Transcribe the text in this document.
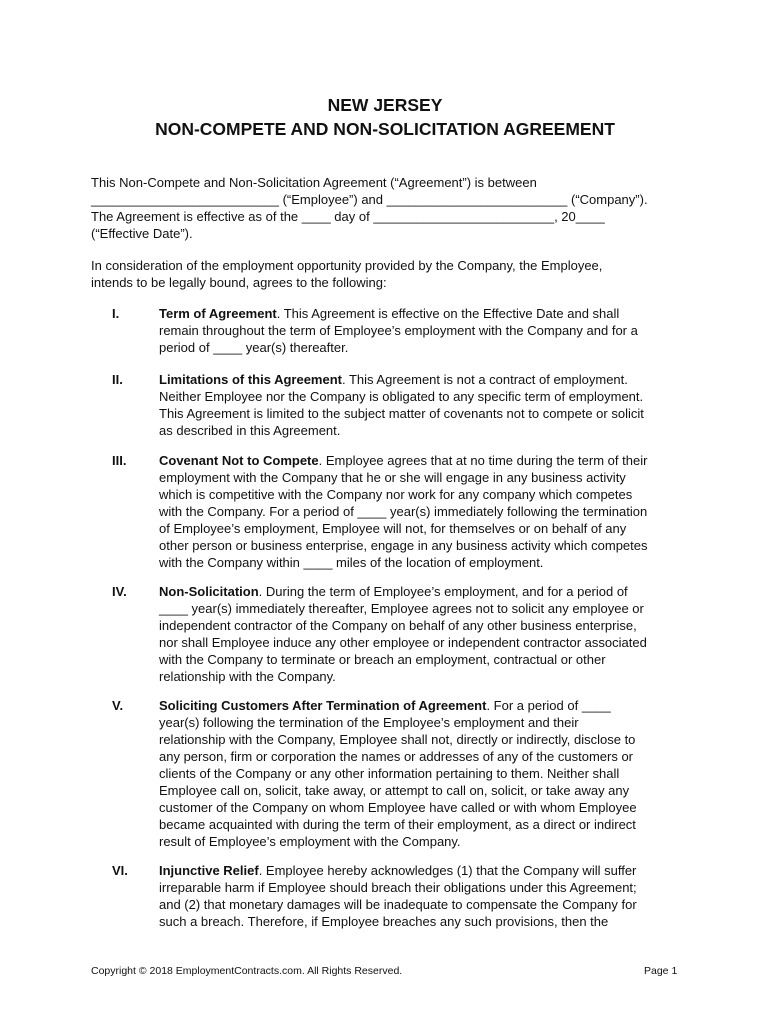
NEW JERSEY
NON-COMPETE AND NON-SOLICITATION AGREEMENT

This Non-Compete and Non-Solicitation Agreement (“Agreement”) is between

__________________________ (“Employee”) and _________________________ (“Company”).

The Agreement is effective as of the ____ day of _________________________, 20____

(“Effective Date”).

In consideration of the employment opportunity provided by the Company, the Employee,

intends to be legally bound, agrees to the following:

I.	Term of Agreement. This Agreement is effective on the Effective Date and shall

remain throughout the term of Employee’s employment with the Company and for a

period of ____ year(s) thereafter.

II.	Limitations of this Agreement. This Agreement is not a contract of employment.

Neither Employee nor the Company is obligated to any specific term of employment.

This Agreement is limited to the subject matter of covenants not to compete or solicit

as described in this Agreement.

III.	Covenant Not to Compete. Employee agrees that at no time during the term of their

employment with the Company that he or she will engage in any business activity

which is competitive with the Company nor work for any company which competes

with the Company. For a period of ____ year(s) immediately following the termination

of Employee’s employment, Employee will not, for themselves or on behalf of any

other person or business enterprise, engage in any business activity which competes

with the Company within ____ miles of the location of employment.

IV. Non-Solicitation. During the term of Employee’s employment, and for a period of

____ year(s) immediately thereafter, Employee agrees not to solicit any employee or

independent contractor of the Company on behalf of any other business enterprise,

nor shall Employee induce any other employee or independent contractor associated

with the Company to terminate or breach an employment, contractual or other

relationship with the Company.

V.	Soliciting Customers After Termination of Agreement. For a period of ____

year(s) following the termination of the Employee’s employment and their

relationship with the Company, Employee shall not, directly or indirectly, disclose to

any person, firm or corporation the names or addresses of any of the customers or

clients of the Company or any other information pertaining to them. Neither shall

Employee call on, solicit, take away, or attempt to call on, solicit, or take away any

customer of the Company on whom Employee have called or with whom Employee

became acquainted with during the term of their employment, as a direct or indirect

result of Employee’s employment with the Company.

VI. Injunctive Relief. Employee hereby acknowledges (1) that the Company will suffer

irreparable harm if Employee should breach their obligations under this Agreement;

and (2) that monetary damages will be inadequate to compensate the Company for

such a breach. Therefore, if Employee breaches any such provisions, then the

Copyright © 2018 EmploymentContracts.com. All Rights Reserved.	Page 1
